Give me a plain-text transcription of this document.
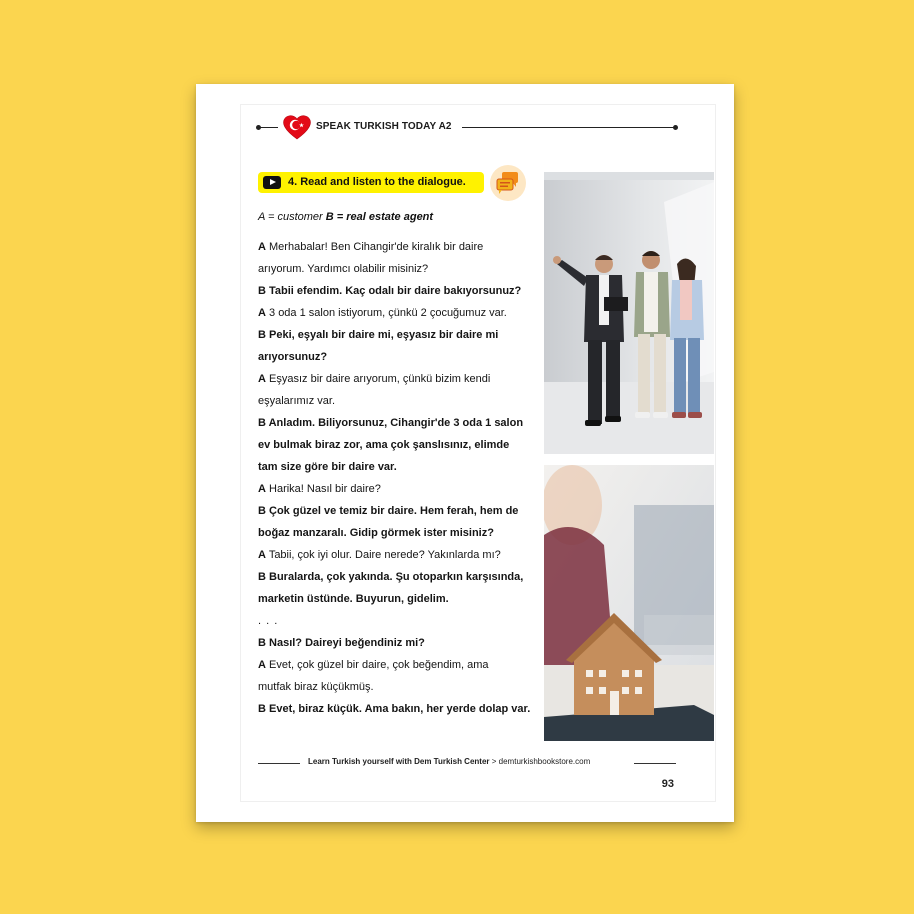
SPEAK TURKISH TODAY A2
4. Read and listen to the dialogue.
A = customer B = real estate agent
A Merhabalar! Ben Cihangir'de kiralık bir daire
arıyorum. Yardımcı olabilir misiniz?
B Tabii efendim. Kaç odalı bir daire bakıyorsunuz?
A 3 oda 1 salon istiyorum, çünkü 2 çocuğumuz var.
B Peki, eşyalı bir daire mi, eşyasız bir daire mi
arıyorsunuz?
A Eşyasız bir daire arıyorum, çünkü bizim kendi
eşyalarımız var.
B Anladım. Biliyorsunuz, Cihangir'de 3 oda 1 salon
ev bulmak biraz zor, ama çok şanslısınız, elimde
tam size göre bir daire var.
A Harika! Nasıl bir daire?
B Çok güzel ve temiz bir daire. Hem ferah, hem de
boğaz manzaralı. Gidip görmek ister misiniz?
A Tabii, çok iyi olur. Daire nerede? Yakınlarda mı?
B Buralarda, çok yakında. Şu otoparkın karşısında,
marketin üstünde. Buyurun, gidelim.
. . .
B Nasıl? Daireyi beğendiniz mi?
A Evet, çok güzel bir daire, çok beğendim, ama
mutfak biraz küçükmüş.
B Evet, biraz küçük. Ama bakın, her yerde dolap var.
Learn Turkish yourself with Dem Turkish Center > demturkishbookstore.com
93
